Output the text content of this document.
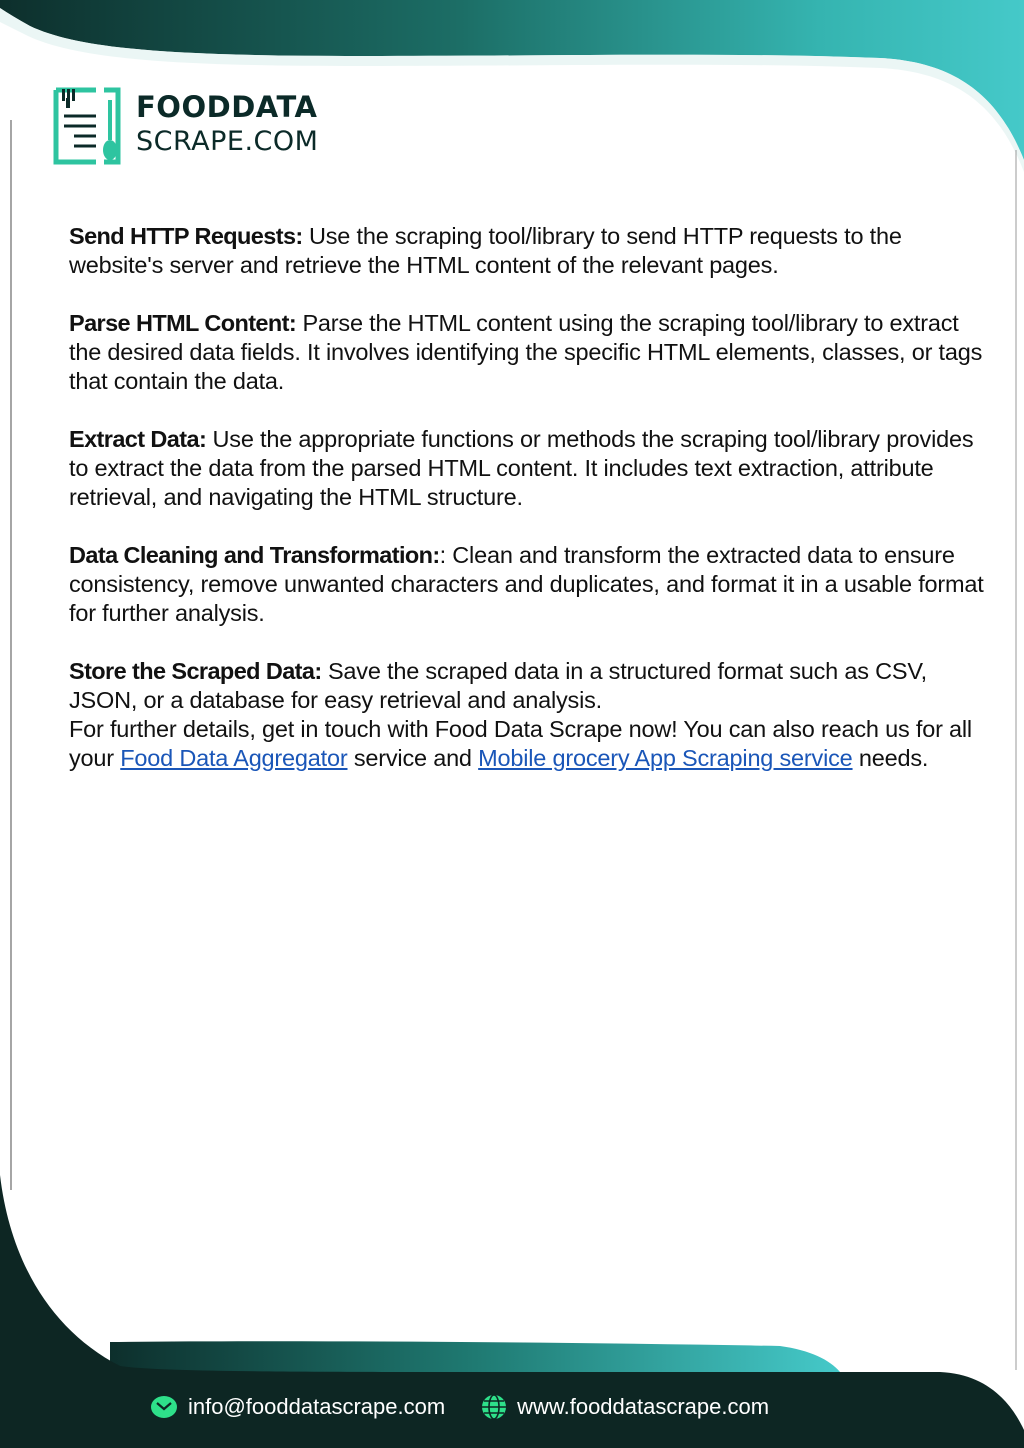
FOODDATA
SCRAPE.COM

Send HTTP Requests: Use the scraping tool/library to send HTTP requests to the website's server and retrieve the HTML content of the relevant pages.

Parse HTML Content: Parse the HTML content using the scraping tool/library to extract the desired data fields. It involves identifying the specific HTML elements, classes, or tags that contain the data.

Extract Data: Use the appropriate functions or methods the scraping tool/library provides to extract the data from the parsed HTML content. It includes text extraction, attribute retrieval, and navigating the HTML structure.

Data Cleaning and Transformation:: Clean and transform the extracted data to ensure consistency, remove unwanted characters and duplicates, and format it in a usable format for further analysis.

Store the Scraped Data: Save the scraped data in a structured format such as CSV, JSON, or a database for easy retrieval and analysis.

For further details, get in touch with Food Data Scrape now! You can also reach us for all your Food Data Aggregator service and Mobile grocery App Scraping service needs.

info@fooddatascrape.com	www.fooddatascrape.com
